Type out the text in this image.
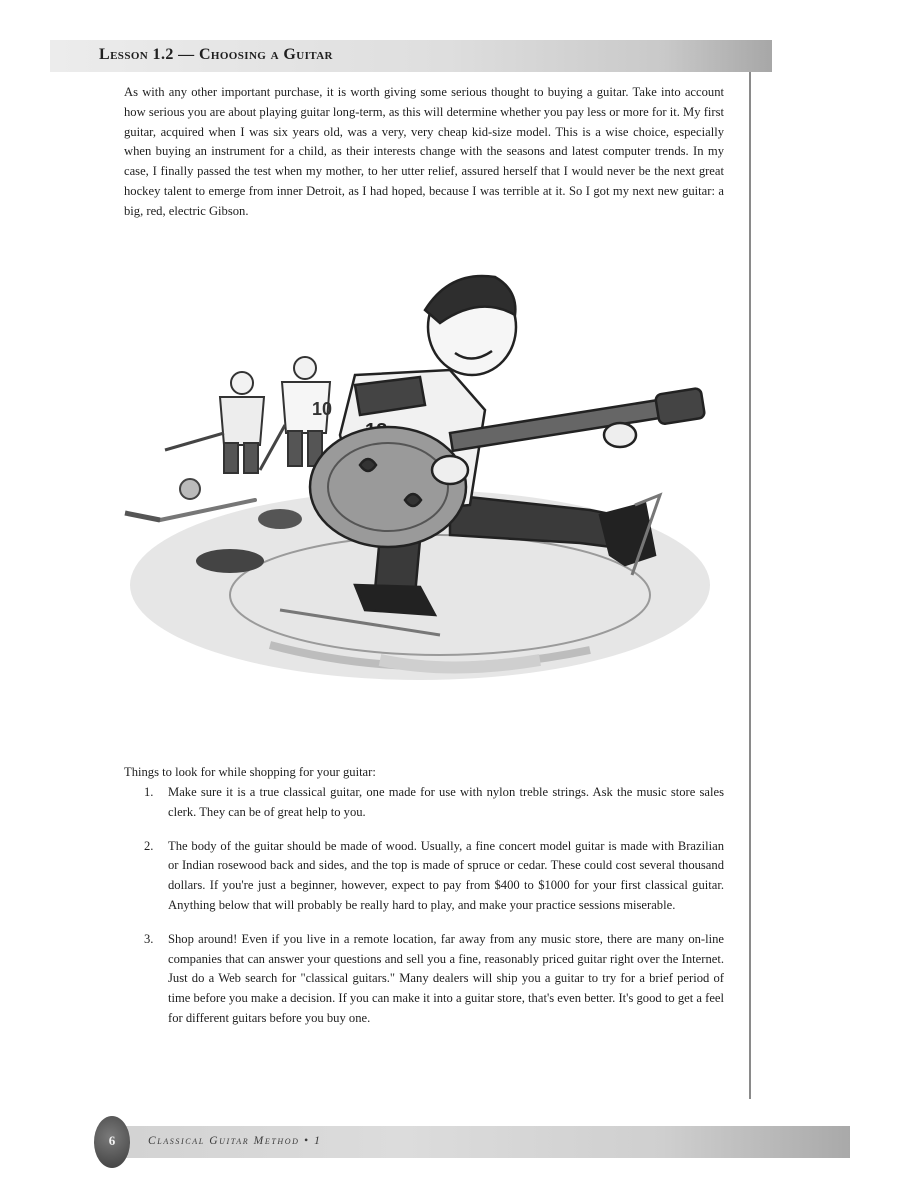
Lesson 1.2 — Choosing a Guitar

As with any other important purchase, it is worth giving some serious thought to buying a guitar. Take into account how serious you are about playing guitar long-term, as this will determine whether you pay less or more for it. My first guitar, acquired when I was six years old, was a very, very cheap kid-size model. This is a wise choice, especially when buying an instrument for a child, as their interests change with the seasons and latest computer trends. In my case, I finally passed the test when my mother, to her utter relief, assured herself that I would never be the next great hockey talent to emerge from inner Detroit, as I had hoped, because I was terrible at it. So I got my next new guitar: a big, red, electric Gibson.

10

Things to look for while shopping for your guitar:

1.	Make sure it is a true classical guitar, one made for use with nylon treble strings. Ask the music store sales clerk. They can be of great help to you.

2.	The body of the guitar should be made of wood. Usually, a fine concert model guitar is made with Brazilian or Indian rosewood back and sides, and the top is made of spruce or cedar. These could cost several thousand dollars. If you're just a beginner, however, expect to pay from $400 to $1000 for your first classical guitar. Anything below that will probably be really hard to play, and make your practice sessions miserable.

3.	Shop around! Even if you live in a remote location, far away from any music store, there are many on-line companies that can answer your questions and sell you a fine, reasonably priced guitar right over the Internet. Just do a Web search for "classical guitars." Many dealers will ship you a guitar to try for a brief period of time before you make a decision. If you can make it into a guitar store, that's even better. It's good to get a feel for different guitars before you buy one.

Classical Guitar Method • 1
6
